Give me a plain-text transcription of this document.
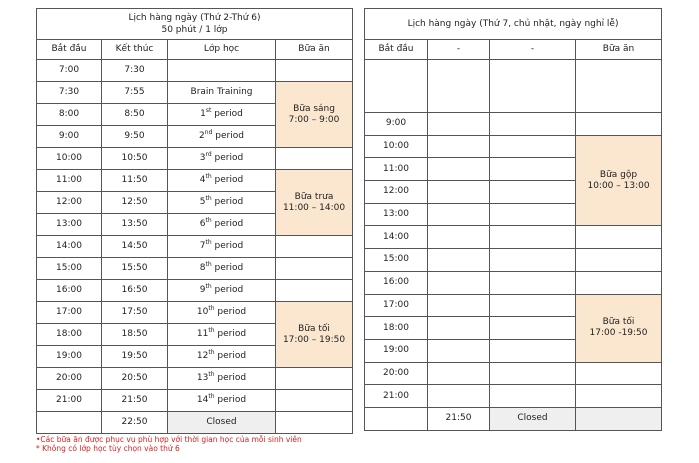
Lịch hàng ngày (Thứ 2-Thứ 6)
50 phút / 1 lớp			

Bắt đầu	Kết thúc	Lớp học	Bữa ăn
7:00	7:30		
7:30	7:55	Brain Training	Bữa sáng
7:00 – 9:00

8:00	8:50	1st period	
9:00	9:50	2nd period	
10:00	10:50	3rd period	
11:00	11:50	4th period	Bữa trưa
11:00 – 14:00

12:00	12:50	5th period	
13:00	13:50	6th period	
14:00	14:50	7th period	
15:00	15:50	8th period	
16:00	16:50	9th period	
17:00	17:50	10th period	Bữa tối
17:00 – 19:50

18:00	18:50	11th period	
19:00	19:50	12th period	
20:00	20:50	13th period	
21:00	21:50	14th period	
	22:50	Closed	
Lịch hàng ngày (Thứ 7, chủ nhật, ngày nghỉ lễ)			
Bắt đầu	-	-	Bữa ăn

9:00			
10:00			Bữa gộp
10:00 – 13:00

11:00			
12:00			
13:00			
14:00			
15:00			
16:00			
17:00			Bữa tối
17:00 -19:50

18:00			
19:00			
20:00			
21:00			
	21:50	Closed	
•Các bữa ăn được phục vụ phù hợp với thời gian học của mỗi sinh viên
* Không có lớp học tùy chọn vào thứ 6
